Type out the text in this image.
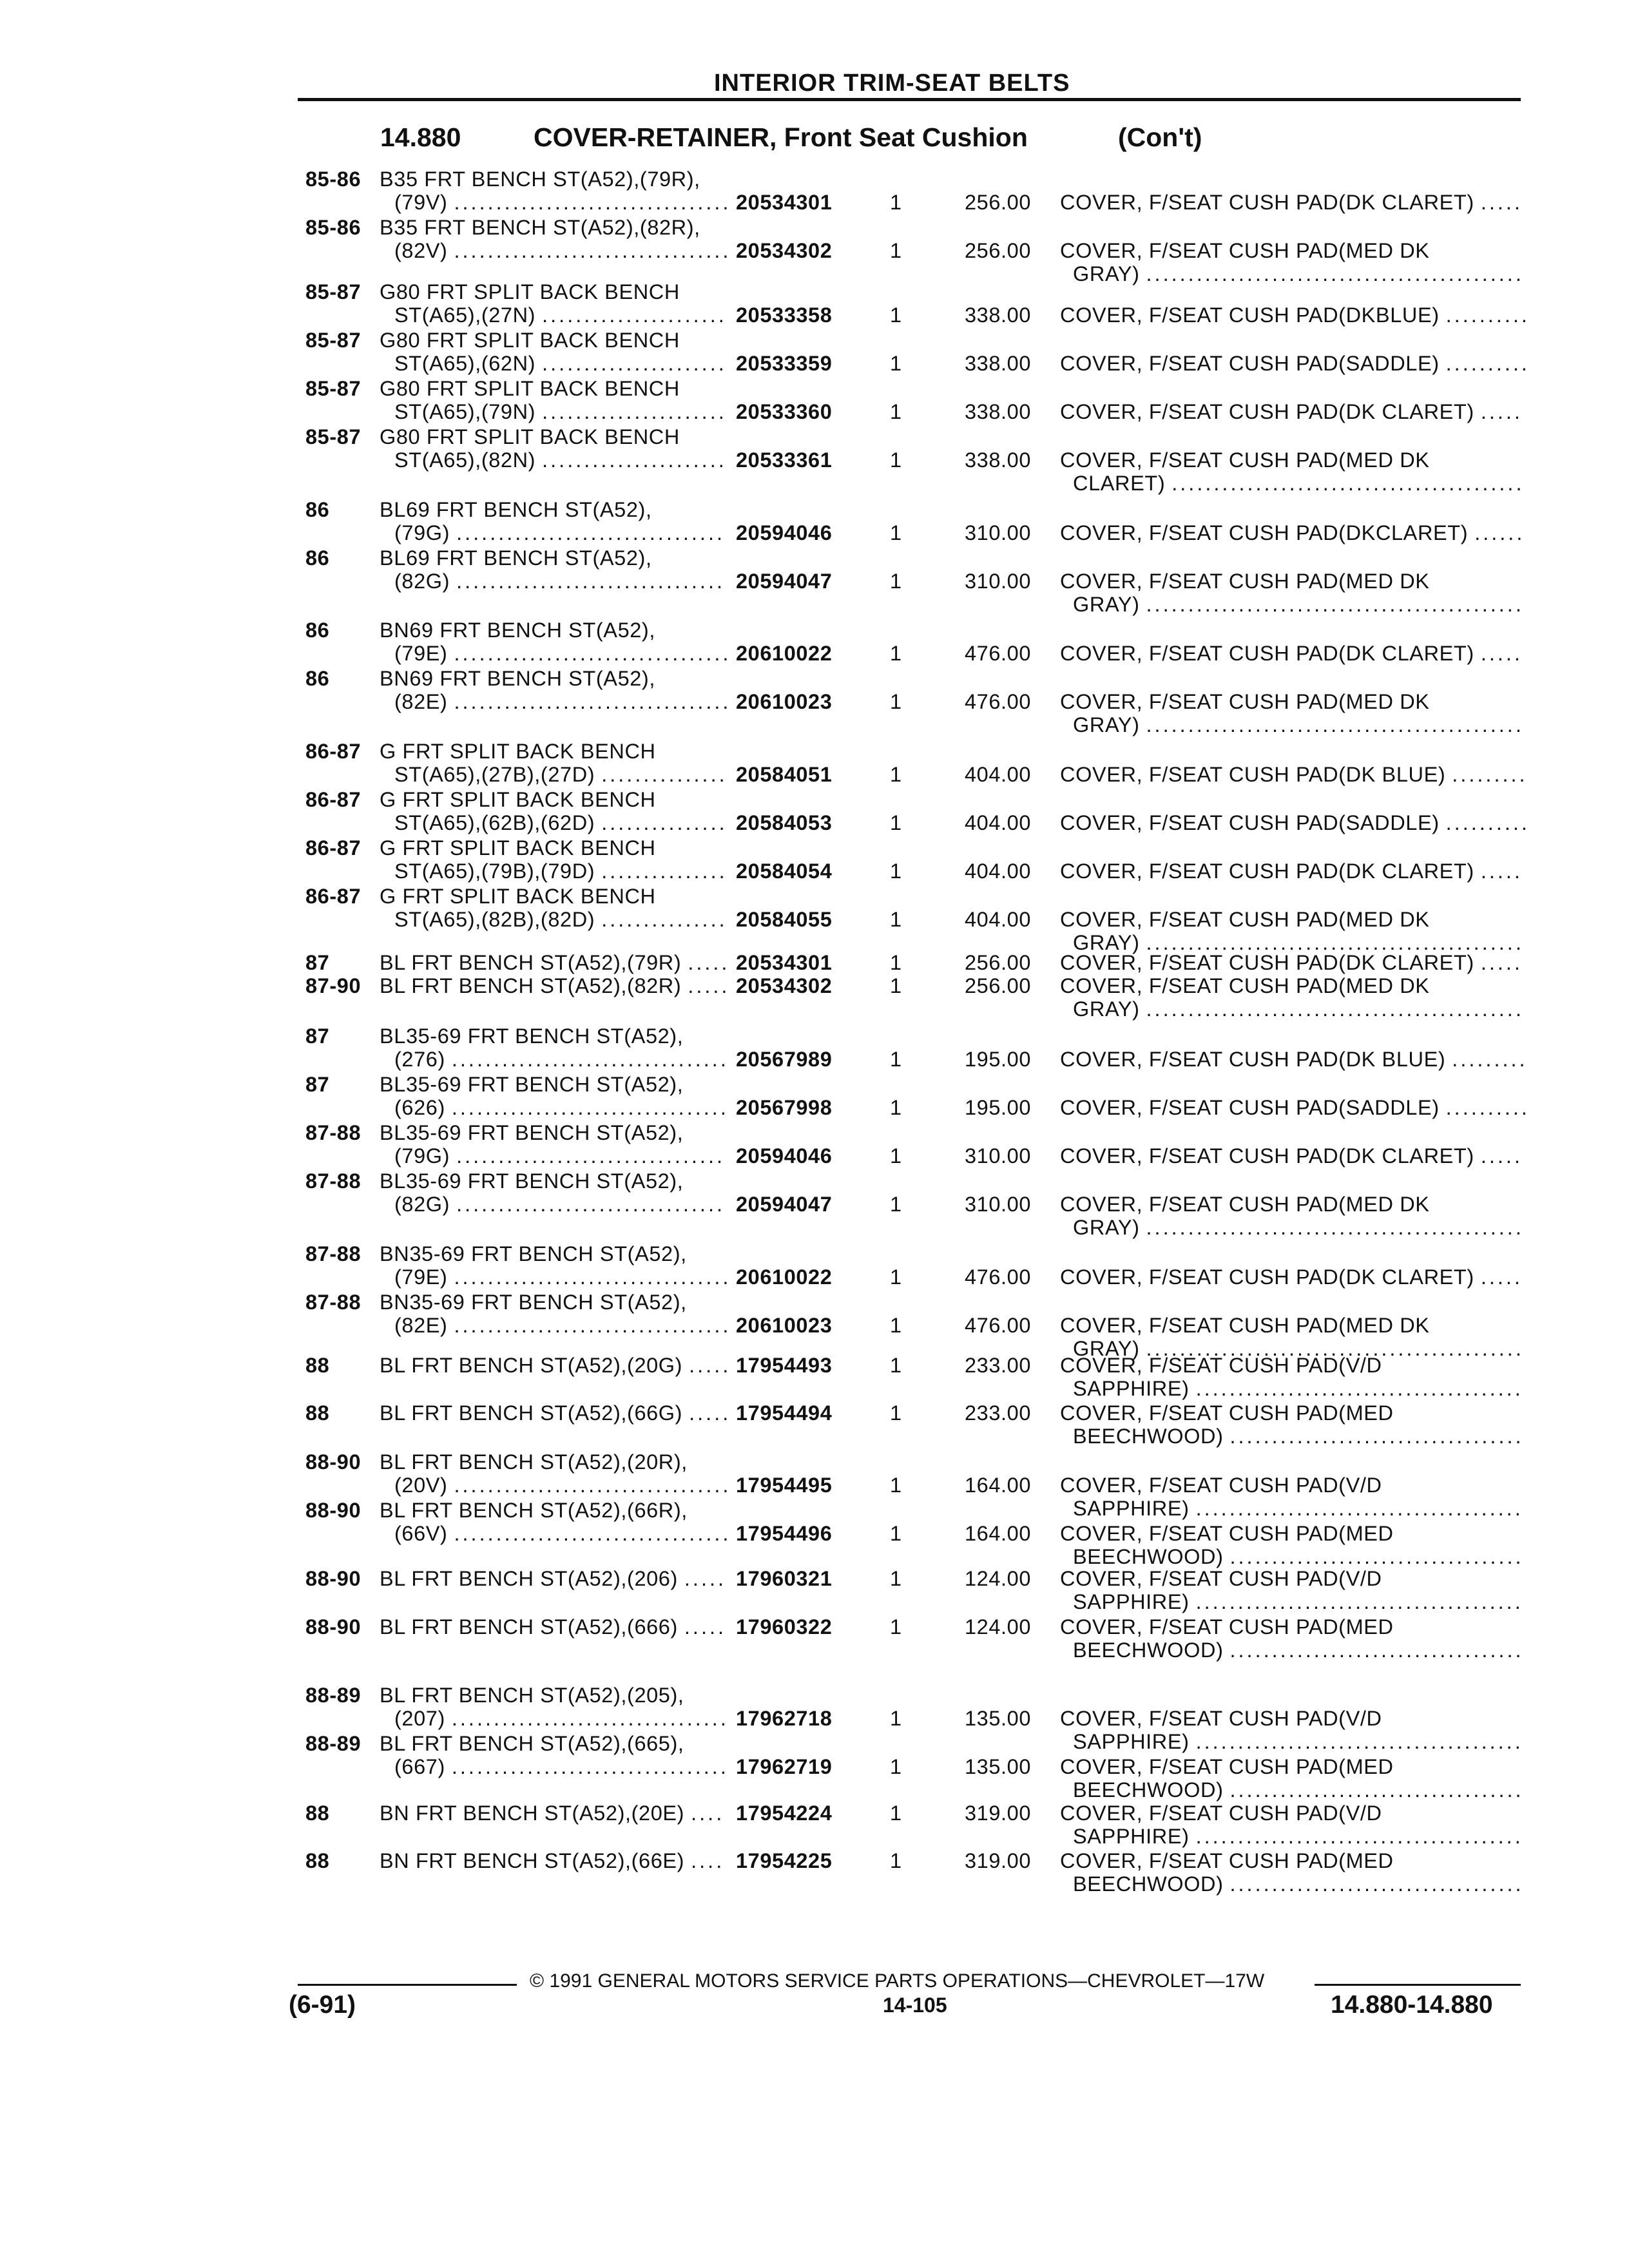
INTERIOR TRIM-SEAT BELTS
14.880	COVER-RETAINER, Front Seat Cushion	(Con't)
85-86 B35 FRT BENCH ST(A52),(79R),
(79V) ................................. 20534301	1	256.00 COVER, F/SEAT CUSH PAD(DK CLARET) .....
85-86 B35 FRT BENCH ST(A52),(82R),
(82V) ................................. 20534302	1	256.00 COVER, F/SEAT CUSH PAD(MED DK
GRAY) .............................................
85-87 G80 FRT SPLIT BACK BENCH
ST(A65),(27N) ...................... 20533358	1	338.00 COVER, F/SEAT CUSH PAD(DKBLUE) ..........
85-87 G80 FRT SPLIT BACK BENCH
ST(A65),(62N) ...................... 20533359	1	338.00 COVER, F/SEAT CUSH PAD(SADDLE) ..........
85-87 G80 FRT SPLIT BACK BENCH
ST(A65),(79N) ...................... 20533360	1	338.00 COVER, F/SEAT CUSH PAD(DK CLARET) .....
85-87 G80 FRT SPLIT BACK BENCH
ST(A65),(82N) ...................... 20533361	1	338.00 COVER, F/SEAT CUSH PAD(MED DK
CLARET) ..........................................
86 BL69 FRT BENCH ST(A52),
(79G) ................................ 20594046	1	310.00 COVER, F/SEAT CUSH PAD(DKCLARET) ......
86 BL69 FRT BENCH ST(A52),
(82G) ................................ 20594047	1	310.00 COVER, F/SEAT CUSH PAD(MED DK
GRAY) .............................................
86 BN69 FRT BENCH ST(A52),
(79E) ................................. 20610022	1	476.00 COVER, F/SEAT CUSH PAD(DK CLARET) .....
86 BN69 FRT BENCH ST(A52),
(82E) ................................. 20610023	1	476.00 COVER, F/SEAT CUSH PAD(MED DK
GRAY) .............................................
86-87 G FRT SPLIT BACK BENCH
ST(A65),(27B),(27D) ............... 20584051	1	404.00 COVER, F/SEAT CUSH PAD(DK BLUE) .........
86-87 G FRT SPLIT BACK BENCH
ST(A65),(62B),(62D) ............... 20584053	1	404.00 COVER, F/SEAT CUSH PAD(SADDLE) ..........
86-87 G FRT SPLIT BACK BENCH
ST(A65),(79B),(79D) ............... 20584054	1	404.00 COVER, F/SEAT CUSH PAD(DK CLARET) .....
86-87 G FRT SPLIT BACK BENCH
ST(A65),(82B),(82D) ............... 20584055	1	404.00 COVER, F/SEAT CUSH PAD(MED DK
GRAY) .............................................
87 BL FRT BENCH ST(A52),(79R) ..... 20534301	1	256.00 COVER, F/SEAT CUSH PAD(DK CLARET) .....
87-90 BL FRT BENCH ST(A52),(82R) ..... 20534302	1	256.00 COVER, F/SEAT CUSH PAD(MED DK
GRAY) .............................................
87 BL35-69 FRT BENCH ST(A52),
(276) ................................. 20567989	1	195.00 COVER, F/SEAT CUSH PAD(DK BLUE) .........
87 BL35-69 FRT BENCH ST(A52),
(626) ................................. 20567998	1	195.00 COVER, F/SEAT CUSH PAD(SADDLE) ..........
87-88 BL35-69 FRT BENCH ST(A52),
(79G) ................................ 20594046	1	310.00 COVER, F/SEAT CUSH PAD(DK CLARET) .....
87-88 BL35-69 FRT BENCH ST(A52),
(82G) ................................ 20594047	1	310.00 COVER, F/SEAT CUSH PAD(MED DK
GRAY) .............................................
87-88 BN35-69 FRT BENCH ST(A52),
(79E) ................................. 20610022	1	476.00 COVER, F/SEAT CUSH PAD(DK CLARET) .....
87-88 BN35-69 FRT BENCH ST(A52),
(82E) ................................. 20610023	1	476.00 COVER, F/SEAT CUSH PAD(MED DK
GRAY) .............................................
88 BL FRT BENCH ST(A52),(20G) ..... 17954493	1	233.00 COVER, F/SEAT CUSH PAD(V/D
SAPPHIRE) .......................................
88 BL FRT BENCH ST(A52),(66G) ..... 17954494	1	233.00 COVER, F/SEAT CUSH PAD(MED
BEECHWOOD) ...................................
88-90 BL FRT BENCH ST(A52),(20R),
(20V) ................................. 17954495	1	164.00 COVER, F/SEAT CUSH PAD(V/D
SAPPHIRE) .......................................
88-90 BL FRT BENCH ST(A52),(66R),
(66V) ................................. 17954496	1	164.00 COVER, F/SEAT CUSH PAD(MED
BEECHWOOD) ...................................
88-90 BL FRT BENCH ST(A52),(206) ..... 17960321	1	124.00 COVER, F/SEAT CUSH PAD(V/D
SAPPHIRE) .......................................
88-90 BL FRT BENCH ST(A52),(666) ..... 17960322	1	124.00 COVER, F/SEAT CUSH PAD(MED
BEECHWOOD) ...................................
88-89 BL FRT BENCH ST(A52),(205),
(207) ................................. 17962718	1	135.00 COVER, F/SEAT CUSH PAD(V/D
SAPPHIRE) .......................................
88-89 BL FRT BENCH ST(A52),(665),
(667) ................................. 17962719	1	135.00 COVER, F/SEAT CUSH PAD(MED
BEECHWOOD) ...................................
88 BN FRT BENCH ST(A52),(20E) .... 17954224	1	319.00 COVER, F/SEAT CUSH PAD(V/D
SAPPHIRE) .......................................
88 BN FRT BENCH ST(A52),(66E) .... 17954225	1	319.00 COVER, F/SEAT CUSH PAD(MED
BEECHWOOD) ...................................
© 1991 GENERAL MOTORS SERVICE PARTS OPERATIONS—CHEVROLET—17W
(6-91)	14-105	14.880-14.880
